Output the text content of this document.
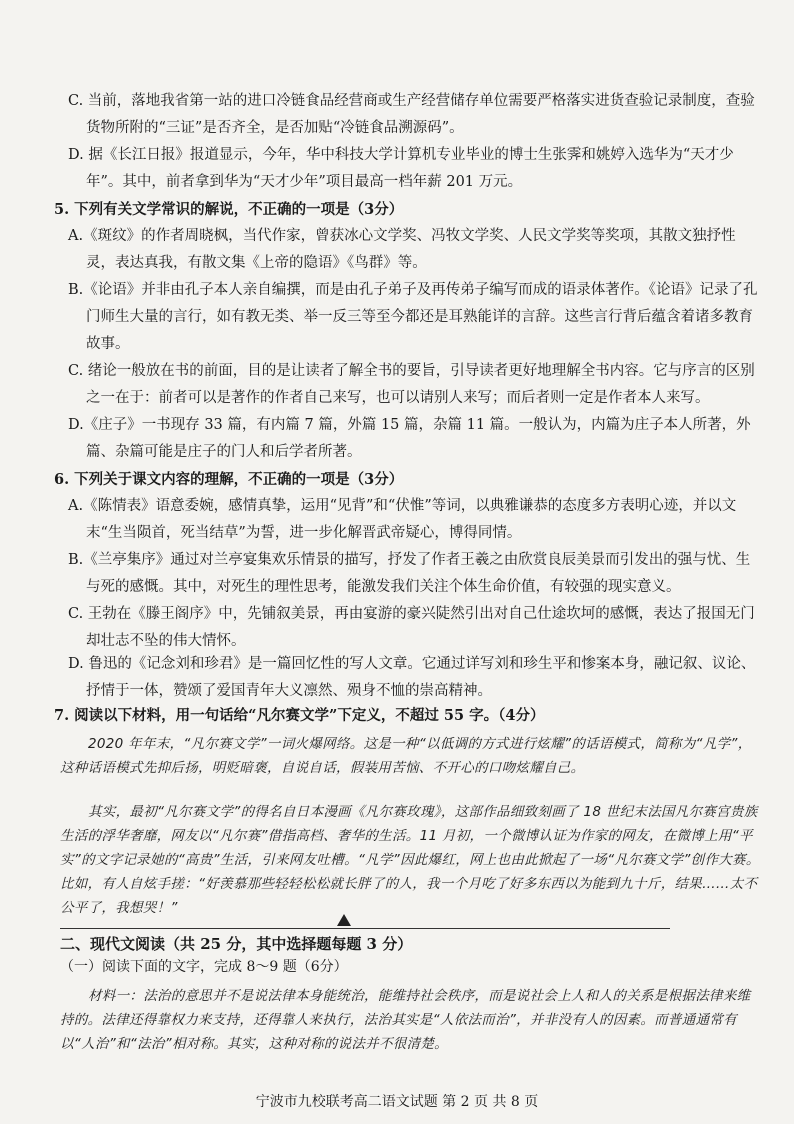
C. 当前，落地我省第一站的进口冷链食品经营商或生产经营储存单位需要严格落实进货查验记录制度，查验货物所附的“三证”是否齐全，是否加贴“冷链食品溯源码”。

D. 据《长江日报》报道显示，今年，华中科技大学计算机专业毕业的博士生张霁和姚婷入选华为“天才少年”。其中，前者拿到华为“天才少年”项目最高一档年薪 201 万元。

5. 下列有关文学常识的解说，不正确的一项是（3分）

A.《斑纹》的作者周晓枫，当代作家，曾获冰心文学奖、冯牧文学奖、人民文学奖等奖项，其散文独抒性灵，表达真我，有散文集《上帝的隐语》《鸟群》等。

B.《论语》并非由孔子本人亲自编撰，而是由孔子弟子及再传弟子编写而成的语录体著作。《论语》记录了孔门师生大量的言行，如有教无类、举一反三等至今都还是耳熟能详的言辞。这些言行背后蕴含着诸多教育故事。

C. 绪论一般放在书的前面，目的是让读者了解全书的要旨，引导读者更好地理解全书内容。它与序言的区别之一在于：前者可以是著作的作者自己来写，也可以请别人来写；而后者则一定是作者本人来写。

D.《庄子》一书现存 33 篇，有内篇 7 篇，外篇 15 篇，杂篇 11 篇。一般认为，内篇为庄子本人所著，外篇、杂篇可能是庄子的门人和后学者所著。

6. 下列关于课文内容的理解，不正确的一项是（3分）

A.《陈情表》语意委婉，感情真挚，运用“见背”和“伏惟”等词，以典雅谦恭的态度多方表明心迹，并以文末“生当陨首，死当结草”为誓，进一步化解晋武帝疑心，博得同情。

B.《兰亭集序》通过对兰亭宴集欢乐情景的描写，抒发了作者王羲之由欣赏良辰美景而引发出的强与忧、生与死的感慨。其中，对死生的理性思考，能激发我们关注个体生命价值，有较强的现实意义。

C. 王勃在《滕王阁序》中，先铺叙美景，再由宴游的豪兴陡然引出对自己仕途坎坷的感慨，表达了报国无门却壮志不坠的伟大情怀。

D. 鲁迅的《记念刘和珍君》是一篇回忆性的写人文章。它通过详写刘和珍生平和惨案本身，融记叙、议论、抒情于一体，赞颂了爱国青年大义凛然、殒身不恤的崇高精神。

7. 阅读以下材料，用一句话给“凡尔赛文学”下定义，不超过 55 字。（4分）

2020 年年末，“凡尔赛文学”一词火爆网络。这是一种“以低调的方式进行炫耀”的话语模式，简称为“凡学”，这种话语模式先抑后扬，明贬暗褒，自说自话，假装用苦恼、不开心的口吻炫耀自己。

其实，最初“凡尔赛文学”的得名自日本漫画《凡尔赛玫瑰》，这部作品细致刻画了 18 世纪末法国凡尔赛宫贵族生活的浮华奢靡，网友以“凡尔赛”借指高档、奢华的生活。11 月初，一个微博认证为作家的网友，在微博上用“平实”的文字记录她的“高贵”生活，引来网友吐槽。“凡学”因此爆红，网上也由此掀起了一场“凡尔赛文学”创作大赛。比如，有人自炫手搓：“好羡慕那些轻轻松松就长胖了的人，我一个月吃了好多东西以为能到九十斤，结果……太不公平了，我想哭！”

二、现代文阅读（共 25 分，其中选择题每题 3 分）

（一）阅读下面的文字，完成 8～9 题（6分）

材料一：法治的意思并不是说法律本身能统治，能维持社会秩序，而是说社会上人和人的关系是根据法律来维持的。法律还得靠权力来支持，还得靠人来执行，法治其实是“人依法而治”，并非没有人的因素。而普通通常有以“人治”和“法治”相对称。其实，这种对称的说法并不很清楚。

宁波市九校联考高二语文试题 第 2 页 共 8 页
